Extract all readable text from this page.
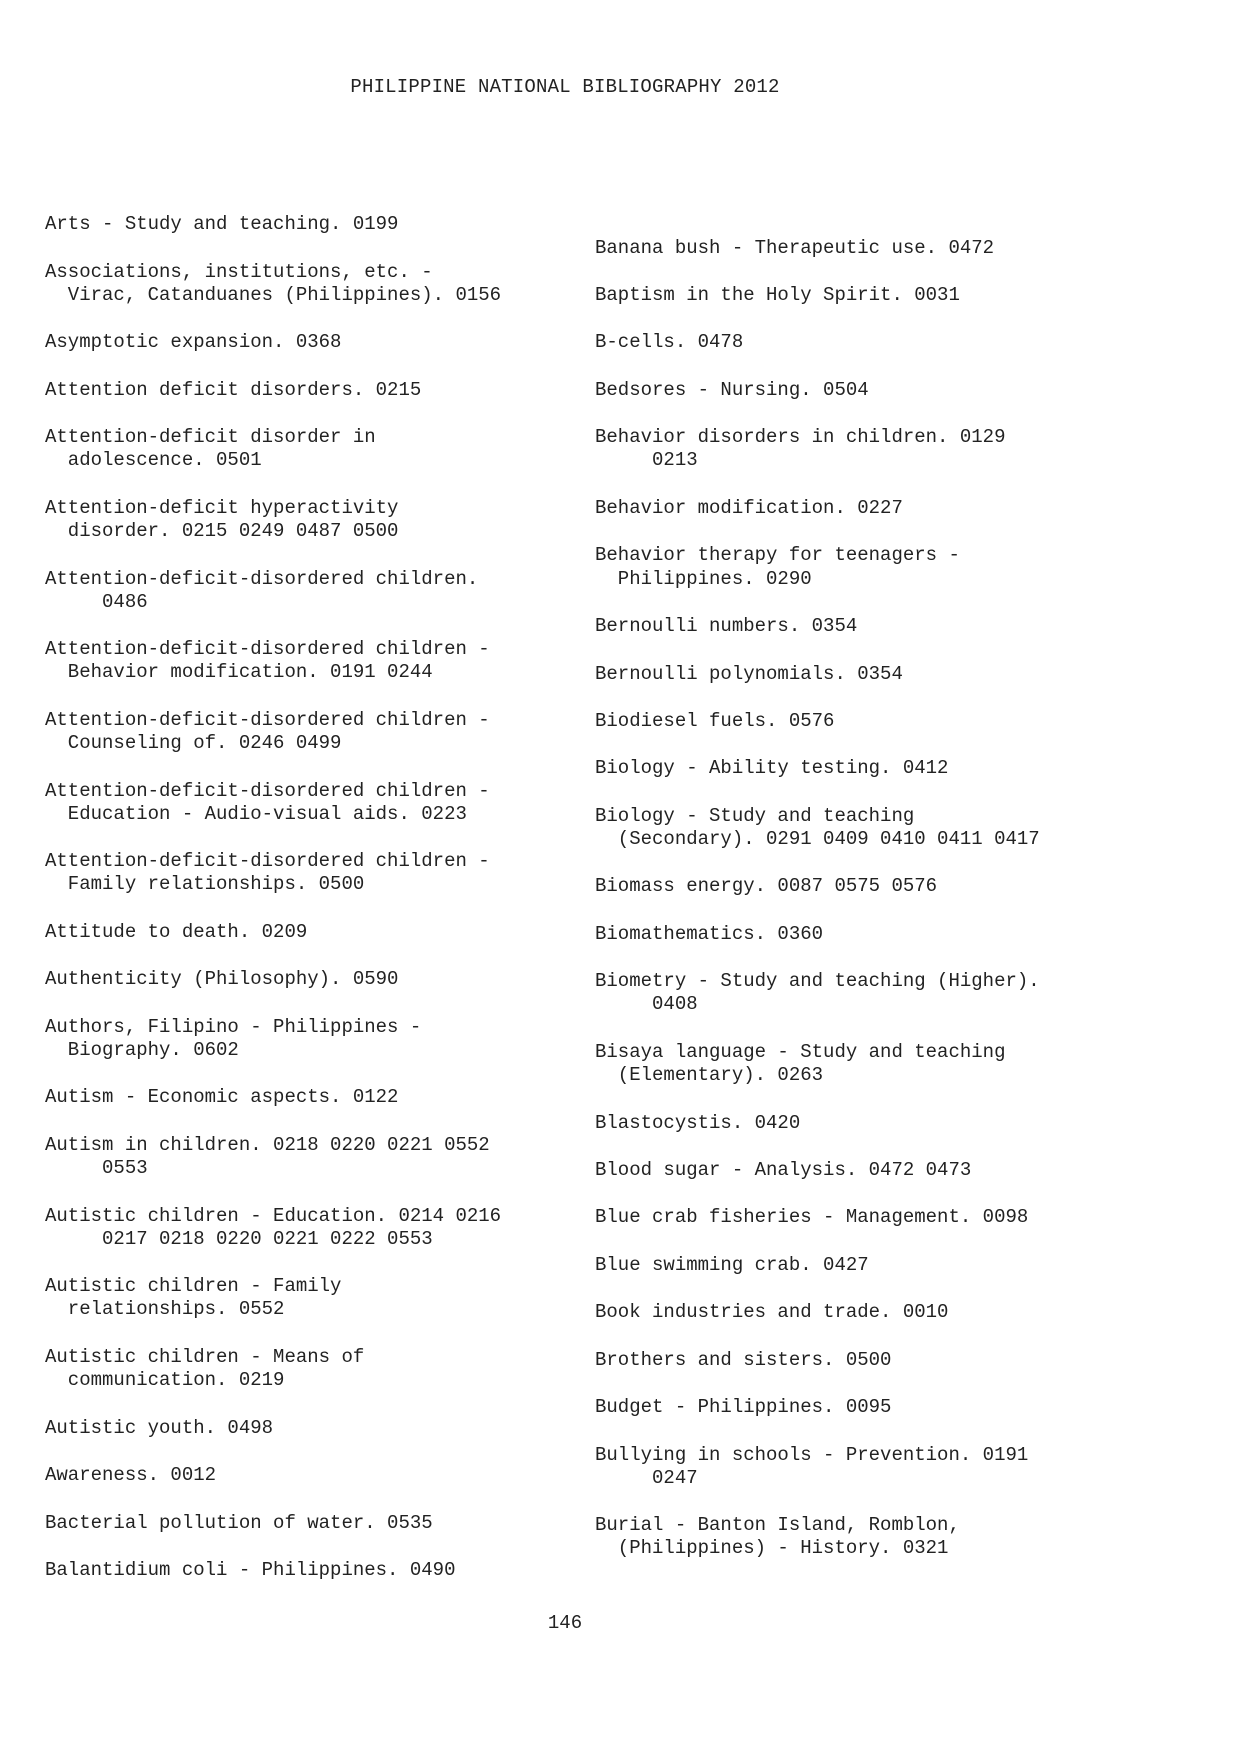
PHILIPPINE NATIONAL BIBLIOGRAPHY 2012
Arts - Study and teaching. 0199
Associations, institutions, etc. -
Virac, Catanduanes (Philippines). 0156
Asymptotic expansion. 0368
Attention deficit disorders. 0215
Attention-deficit disorder in
adolescence. 0501
Attention-deficit hyperactivity
disorder. 0215 0249 0487 0500
Attention-deficit-disordered children.
0486
Attention-deficit-disordered children -
Behavior modification. 0191 0244
Attention-deficit-disordered children -
Counseling of. 0246 0499
Attention-deficit-disordered children -
Education - Audio-visual aids. 0223
Attention-deficit-disordered children -
Family relationships. 0500
Attitude to death. 0209
Authenticity (Philosophy). 0590
Authors, Filipino - Philippines -
Biography. 0602
Autism - Economic aspects. 0122
Autism in children. 0218 0220 0221 0552
0553
Autistic children - Education. 0214 0216
0217 0218 0220 0221 0222 0553
Autistic children - Family
relationships. 0552
Autistic children - Means of
communication. 0219
Autistic youth. 0498
Awareness. 0012
Bacterial pollution of water. 0535
Balantidium coli - Philippines. 0490
Banana bush - Therapeutic use. 0472
Baptism in the Holy Spirit. 0031
B-cells. 0478
Bedsores - Nursing. 0504
Behavior disorders in children. 0129
0213
Behavior modification. 0227
Behavior therapy for teenagers -
Philippines. 0290
Bernoulli numbers. 0354
Bernoulli polynomials. 0354
Biodiesel fuels. 0576
Biology - Ability testing. 0412
Biology - Study and teaching
(Secondary). 0291 0409 0410 0411 0417
Biomass energy. 0087 0575 0576
Biomathematics. 0360
Biometry - Study and teaching (Higher).
0408
Bisaya language - Study and teaching
(Elementary). 0263
Blastocystis. 0420
Blood sugar - Analysis. 0472 0473
Blue crab fisheries - Management. 0098
Blue swimming crab. 0427
Book industries and trade. 0010
Brothers and sisters. 0500
Budget - Philippines. 0095
Bullying in schools - Prevention. 0191
0247
Burial - Banton Island, Romblon,
(Philippines) - History. 0321
146
